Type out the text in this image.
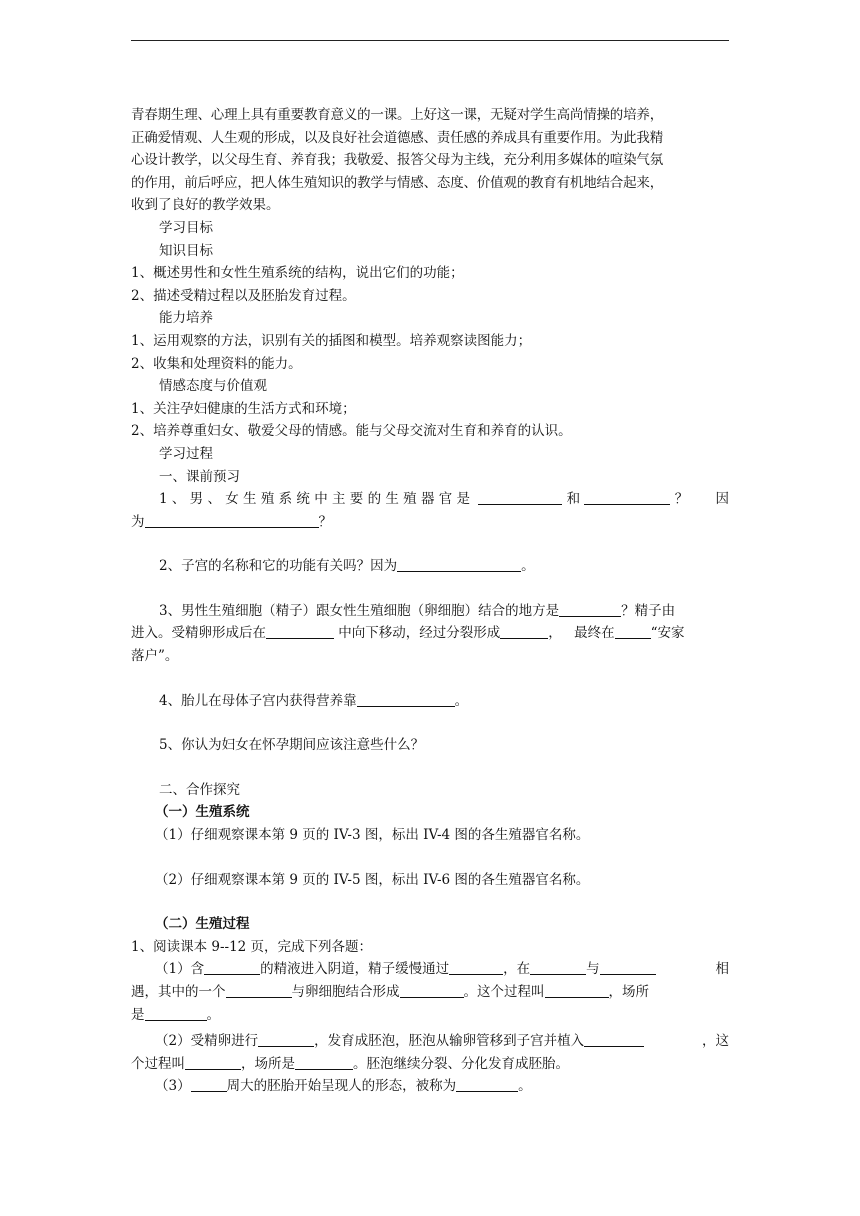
青春期生理、心理上具有重要教育意义的一课。上好这一课，无疑对学生高尚情操的培养，
正确爱情观、人生观的形成，以及良好社会道德感、责任感的养成具有重要作用。为此我精
心设计教学，以父母生育、养育我；我敬爱、报答父母为主线，充分利用多媒体的喧染气氛
的作用，前后呼应，把人体生殖知识的教学与情感、态度、价值观的教育有机地结合起来，
收到了良好的教学效果。
学习目标
知识目标
1、概述男性和女性生殖系统的结构，说出它们的功能；
2、描述受精过程以及胚胎发育过程。
能力培养
1、运用观察的方法，识别有关的插图和模型。培养观察读图能力；
2、收集和处理资料的能力。
情感态度与价值观
1、关注孕妇健康的生活方式和环境；
2、培养尊重妇女、敬爱父母的情感。能与父母交流对生育和养育的认识。
学习过程
一、课前预习
1 、 男 、 女 生 殖 系 统 中 主 要 的 生 殖 器 官 是	和	？ 因
为	？
2、子宫的名称和它的功能有关吗？因为	。
3、男性生殖细胞（精子）跟女性生殖细胞（卵细胞）结合的地方是	？精子由
进入。受精卵形成后在	中向下移动，经过分裂形成	， 最终在	“安家
落户”。
4、胎儿在母体子宫内获得营养靠	。
5、你认为妇女在怀孕期间应该注意些什么？
二、合作探究
（一）生殖系统
（1）仔细观察课本第 9 页的 IV-3 图，标出 IV-4 图的各生殖器官名称。
（2）仔细观察课本第 9 页的 IV-5 图，标出 IV-6 图的各生殖器官名称。
（二）生殖过程
1、阅读课本 9--12 页，完成下列各题：
（1）含	的精液进入阴道，精子缓慢通过	，在	与	相
遇，其中的一个	与卵细胞结合形成	。这个过程叫	，场所
是	。
（2）受精卵进行	，发育成胚泡，胚泡从输卵管移到子宫并植入	，这
个过程叫	，场所是	。胚泡继续分裂、分化发育成胚胎。
（3）	周大的胚胎开始呈现人的形态，被称为	。
